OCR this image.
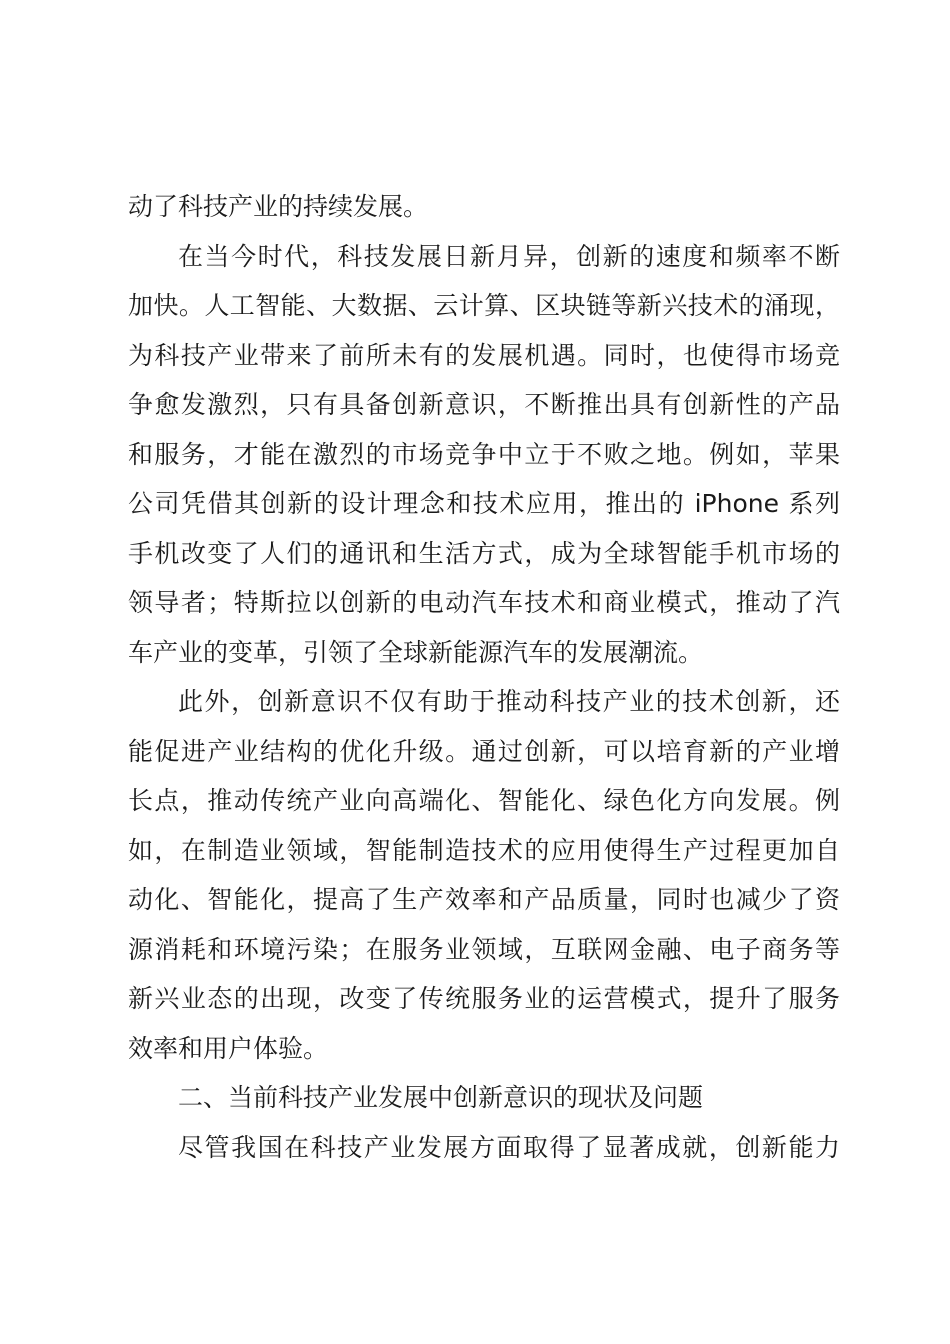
动了科技产业的持续发展。
在当今时代，科技发展日新月异，创新的速度和频率不断
加快。人工智能、大数据、云计算、区块链等新兴技术的涌现，
为科技产业带来了前所未有的发展机遇。同时，也使得市场竞
争愈发激烈，只有具备创新意识，不断推出具有创新性的产品
和服务，才能在激烈的市场竞争中立于不败之地。例如，苹果
公司凭借其创新的设计理念和技术应用，推出的 iPhone 系列
手机改变了人们的通讯和生活方式，成为全球智能手机市场的
领导者；特斯拉以创新的电动汽车技术和商业模式，推动了汽
车产业的变革，引领了全球新能源汽车的发展潮流。
此外，创新意识不仅有助于推动科技产业的技术创新，还
能促进产业结构的优化升级。通过创新，可以培育新的产业增
长点，推动传统产业向高端化、智能化、绿色化方向发展。例
如，在制造业领域，智能制造技术的应用使得生产过程更加自
动化、智能化，提高了生产效率和产品质量，同时也减少了资
源消耗和环境污染；在服务业领域，互联网金融、电子商务等
新兴业态的出现，改变了传统服务业的运营模式，提升了服务
效率和用户体验。
二、当前科技产业发展中创新意识的现状及问题
尽管我国在科技产业发展方面取得了显著成就，创新能力
